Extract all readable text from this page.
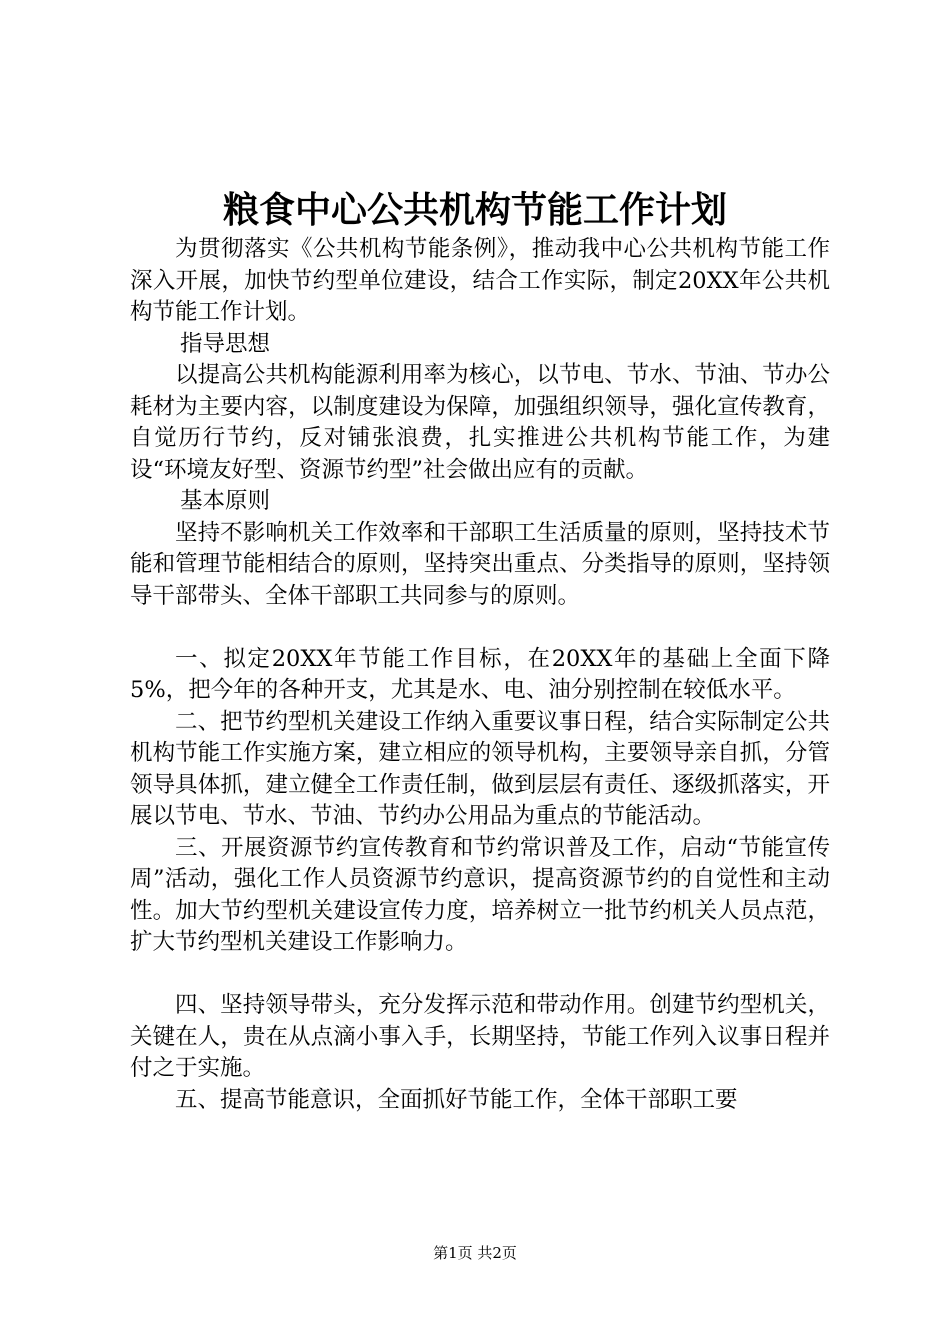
粮食中心公共机构节能工作计划

为贯彻落实《公共机构节能条例》，推动我中心公共机构节能工作深入开展，加快节约型单位建设，结合工作实际，制定20XX年公共机构节能工作计划。

指导思想

以提高公共机构能源利用率为核心，以节电、节水、节油、节办公耗材为主要内容，以制度建设为保障，加强组织领导，强化宣传教育，自觉历行节约，反对铺张浪费，扎实推进公共机构节能工作，为建设“环境友好型、资源节约型”社会做出应有的贡献。

基本原则

坚持不影响机关工作效率和干部职工生活质量的原则，坚持技术节能和管理节能相结合的原则，坚持突出重点、分类指导的原则，坚持领导干部带头、全体干部职工共同参与的原则。

一、拟定20XX年节能工作目标，在20XX年的基础上全面下降5%，把今年的各种开支，尤其是水、电、油分别控制在较低水平。

二、把节约型机关建设工作纳入重要议事日程，结合实际制定公共机构节能工作实施方案，建立相应的领导机构，主要领导亲自抓，分管领导具体抓，建立健全工作责任制，做到层层有责任、逐级抓落实，开展以节电、节水、节油、节约办公用品为重点的节能活动。

三、开展资源节约宣传教育和节约常识普及工作，启动“节能宣传周”活动，强化工作人员资源节约意识，提高资源节约的自觉性和主动性。加大节约型机关建设宣传力度，培养树立一批节约机关人员点范，扩大节约型机关建设工作影响力。

四、坚持领导带头，充分发挥示范和带动作用。创建节约型机关，关键在人，贵在从点滴小事入手，长期坚持，节能工作列入议事日程并付之于实施。

五、提高节能意识，全面抓好节能工作，全体干部职工要

第1页 共2页
